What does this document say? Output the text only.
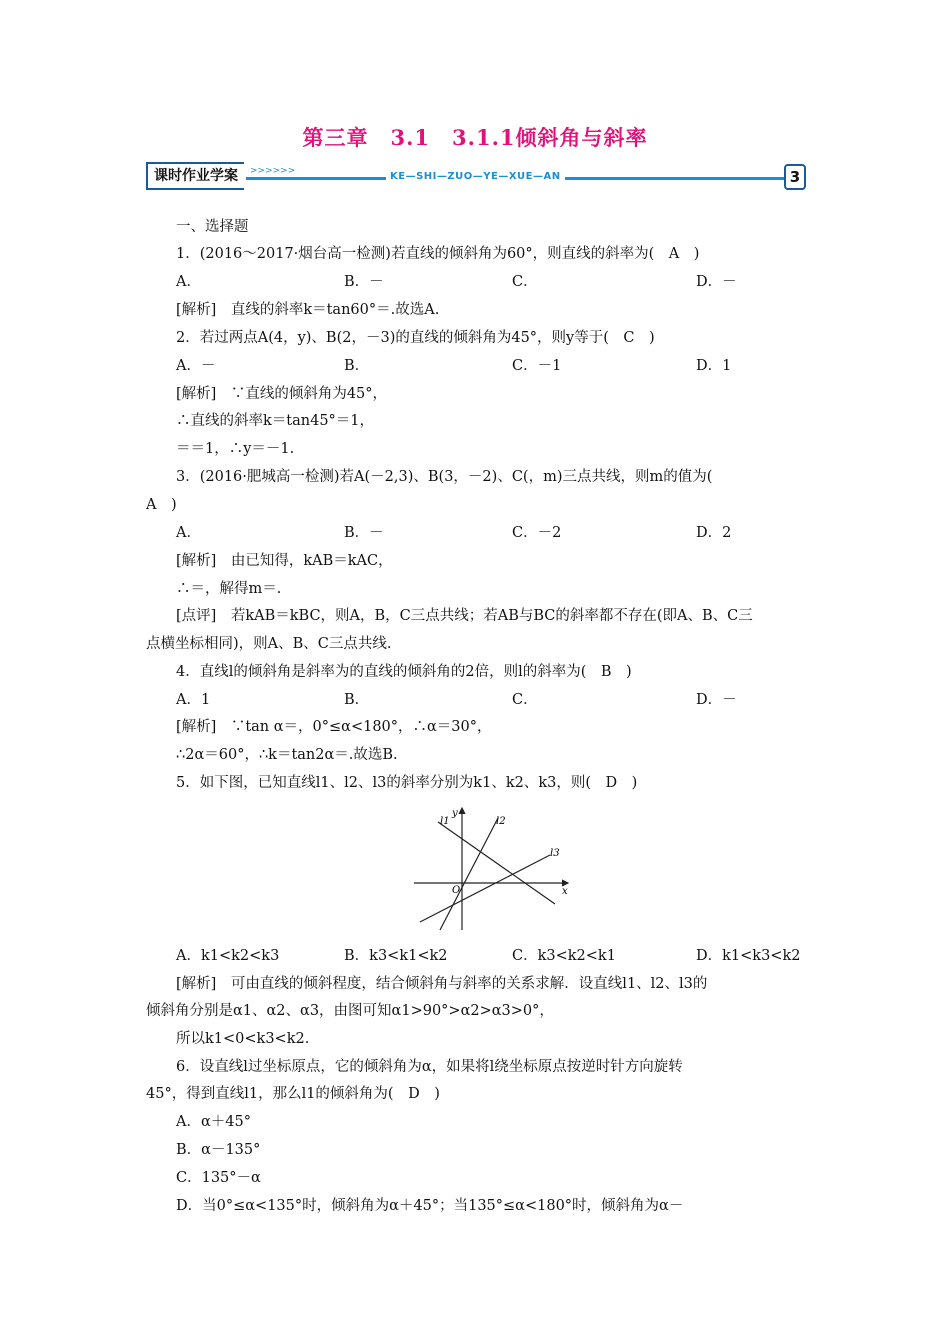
第三章　3.1　3.1.1倾斜角与斜率
课时作业学案	>>>>>>	KE—SHI—ZUO—YE—XUE—AN	3
一、选择题
1．(2016～2017·烟台高一检测)若直线的倾斜角为60°，则直线的斜率为(　A　)
A．	B．－	C．	D．－
[解析]　直线的斜率k＝tan60°＝.故选A.
2．若过两点A(4，y)、B(2，－3)的直线的倾斜角为45°，则y等于(　C　)
A．－	B．	C．－1	D．1
[解析]　∵直线的倾斜角为45°，
∴直线的斜率k＝tan45°＝1，
＝＝1，∴y＝－1.
3．(2016·肥城高一检测)若A(－2,3)、B(3，－2)、C(，m)三点共线，则m的值为(
A　)
A．	B．－	C．－2	D．2
[解析]　由已知得，kAB＝kAC，
∴＝，解得m＝.
[点评]　若kAB＝kBC，则A，B，C三点共线；若AB与BC的斜率都不存在(即A、B、C三
点横坐标相同)，则A、B、C三点共线.
4．直线l的倾斜角是斜率为的直线的倾斜角的2倍，则l的斜率为(　B　)
A．1	B．	C．	D．－
[解析]　∵tan α＝，0°≤α<180°，∴α＝30°，
∴2α＝60°，∴k＝tan2α＝.故选B.
5．如下图，已知直线l1、l2、l3的斜率分别为k1、k2、k3，则(　D　)
y
l1	l2
l3
O	x
A．k1<k2<k3	B．k3<k1<k2	C．k3<k2<k1	D．k1<k3<k2
[解析]　可由直线的倾斜程度，结合倾斜角与斜率的关系求解．设直线l1、l2、l3的
倾斜角分别是α1、α2、α3，由图可知α1>90°>α2>α3>0°，
所以k1<0<k3<k2.
6．设直线l过坐标原点，它的倾斜角为α，如果将l绕坐标原点按逆时针方向旋转
45°，得到直线l1，那么l1的倾斜角为(　D　)
A．α＋45°
B．α－135°
C．135°－α
D．当0°≤α<135°时，倾斜角为α＋45°；当135°≤α<180°时，倾斜角为α－
